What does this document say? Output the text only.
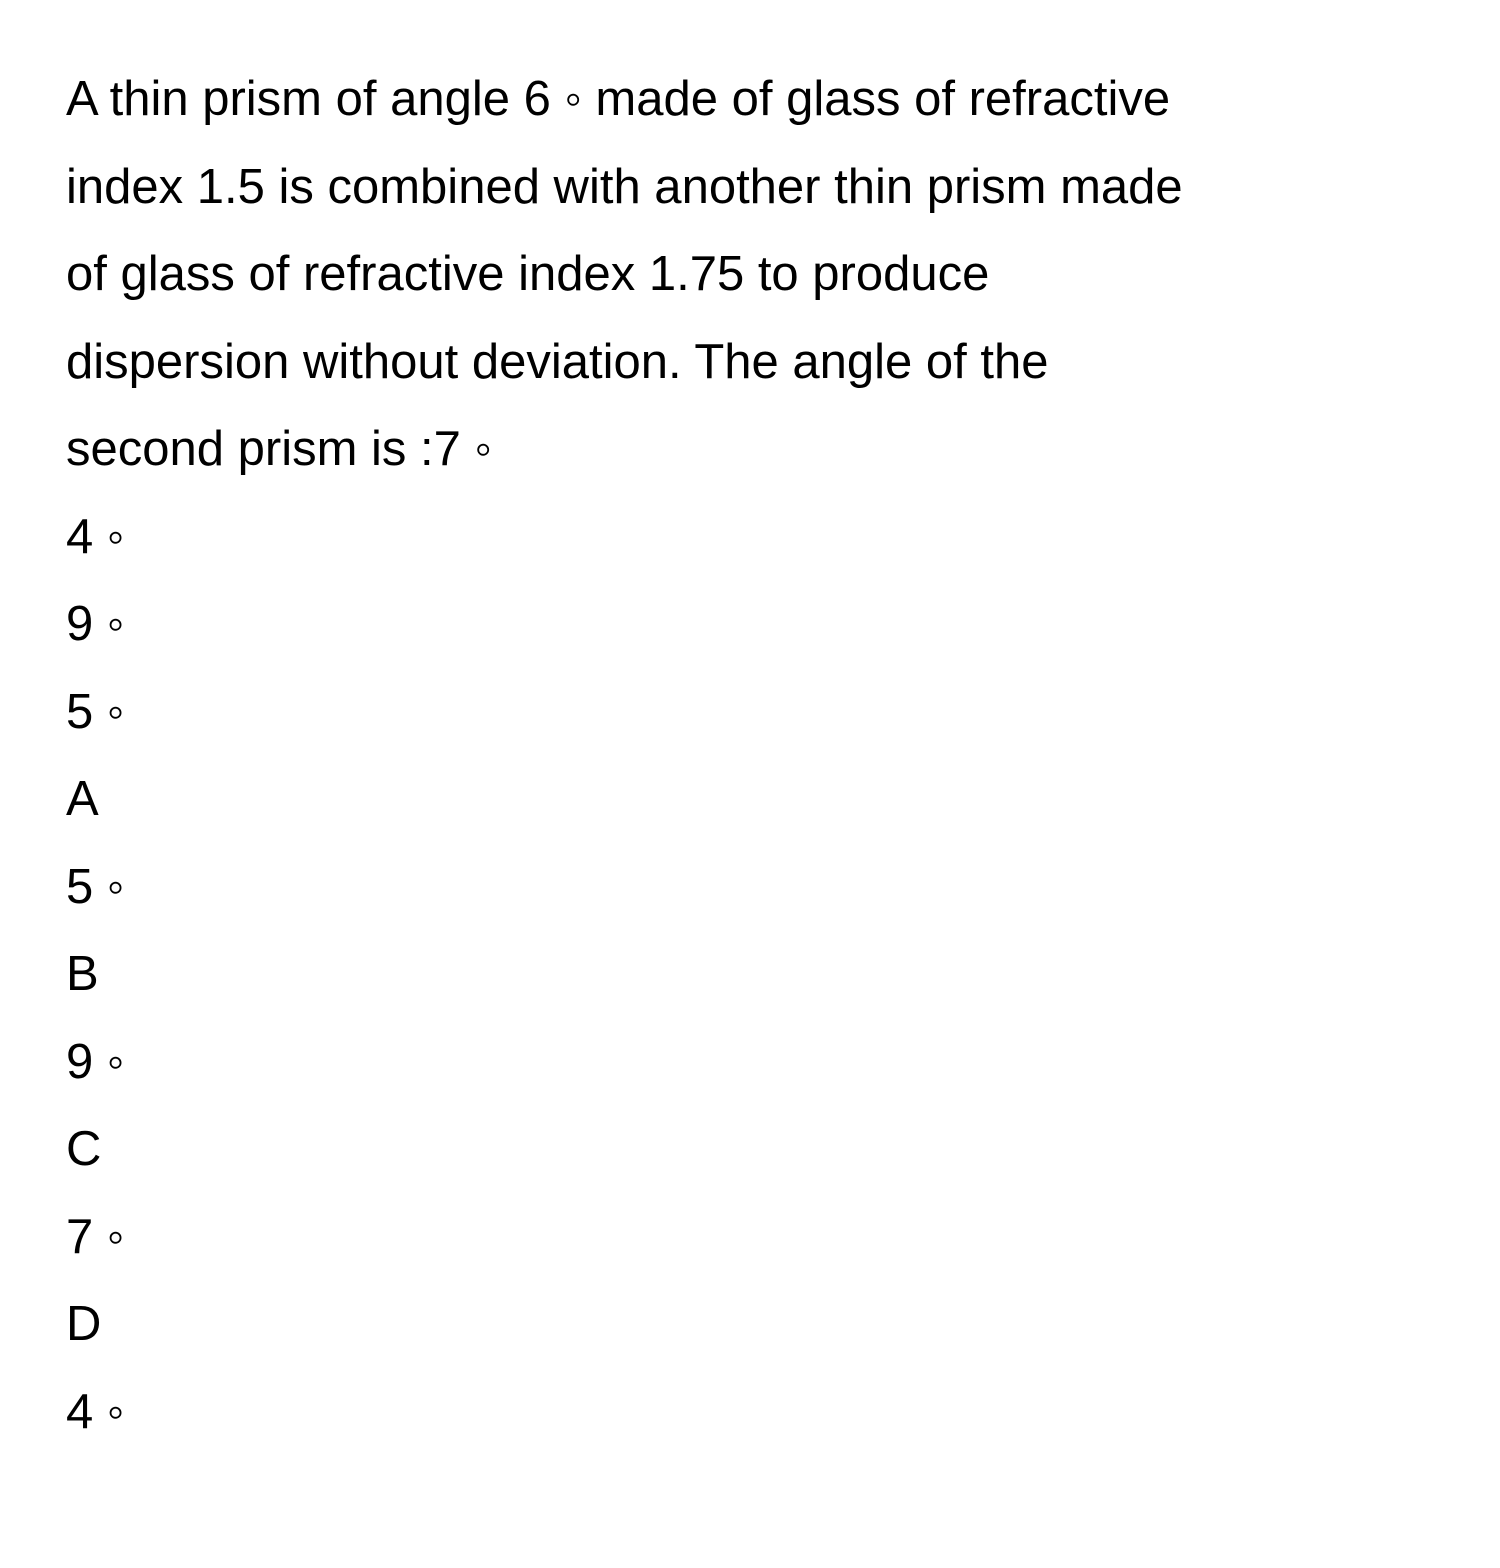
A thin prism of angle 6 ◦ made of glass of refractive
index 1.5 is combined with another thin prism made
of glass of refractive index 1.75 to produce
dispersion without deviation. The angle of the
second prism is :7 ◦
4 ◦
9 ◦
5 ◦
A
5 ◦
B
9 ◦
C
7 ◦
D
4 ◦
